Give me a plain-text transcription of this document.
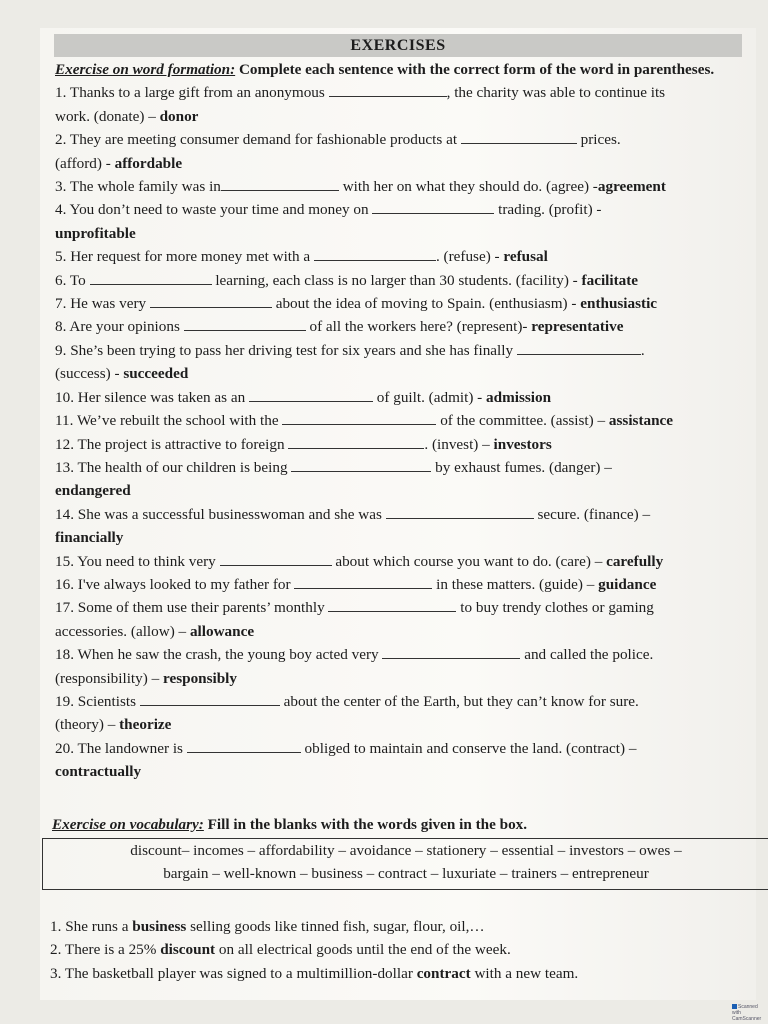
EXERCISES

Exercise on word formation: Complete each sentence with the correct form of the word in parentheses.

1. Thanks to a large gift from an anonymous	, the charity was able to continue its

work. (donate) – donor

2. They are meeting consumer demand for fashionable products at	prices.

(afford) - affordable

3. The whole family was in	with her on what they should do. (agree) -agreement

4. You don’t need to waste your time and money on	trading. (profit) -

unprofitable

5. Her request for more money met with a	. (refuse) - refusal

6. To	learning, each class is no larger than 30 students. (facility) - facilitate

7. He was very	about the idea of moving to Spain. (enthusiasm) - enthusiastic

8. Are your opinions	of all the workers here? (represent)- representative

9. She’s been trying to pass her driving test for six years and she has finally	.

(success) - succeeded

10. Her silence was taken as an	of guilt. (admit) - admission

11. We’ve rebuilt the school with the	of the committee. (assist) – assistance

12. The project is attractive to foreign	. (invest) – investors

13. The health of our children is being	by exhaust fumes. (danger) –

endangered

14. She was a successful businesswoman and she was	secure. (finance) –

financially

15. You need to think very	about which course you want to do. (care) – carefully

16. I've always looked to my father for	in these matters. (guide) – guidance

17. Some of them use their parents’ monthly	to buy trendy clothes or gaming

accessories. (allow) – allowance

18. When he saw the crash, the young boy acted very	and called the police.

(responsibility) – responsibly

19. Scientists	about the center of the Earth, but they can’t know for sure.

(theory) – theorize

20. The landowner is	obliged to maintain and conserve the land. (contract) –

contractually

Exercise on vocabulary: Fill in the blanks with the words given in the box.
discount– incomes – affordability – avoidance – stationery – essential – investors – owes –
bargain – well-known – business – contract – luxuriate – trainers – entrepreneur

1. She runs a business selling goods like tinned fish, sugar, flour, oil,…

2. There is a 25% discount on all electrical goods until the end of the week.

3. The basketball player was signed to a multimillion-dollar contract with a new team.

Scanned with CamScanner
